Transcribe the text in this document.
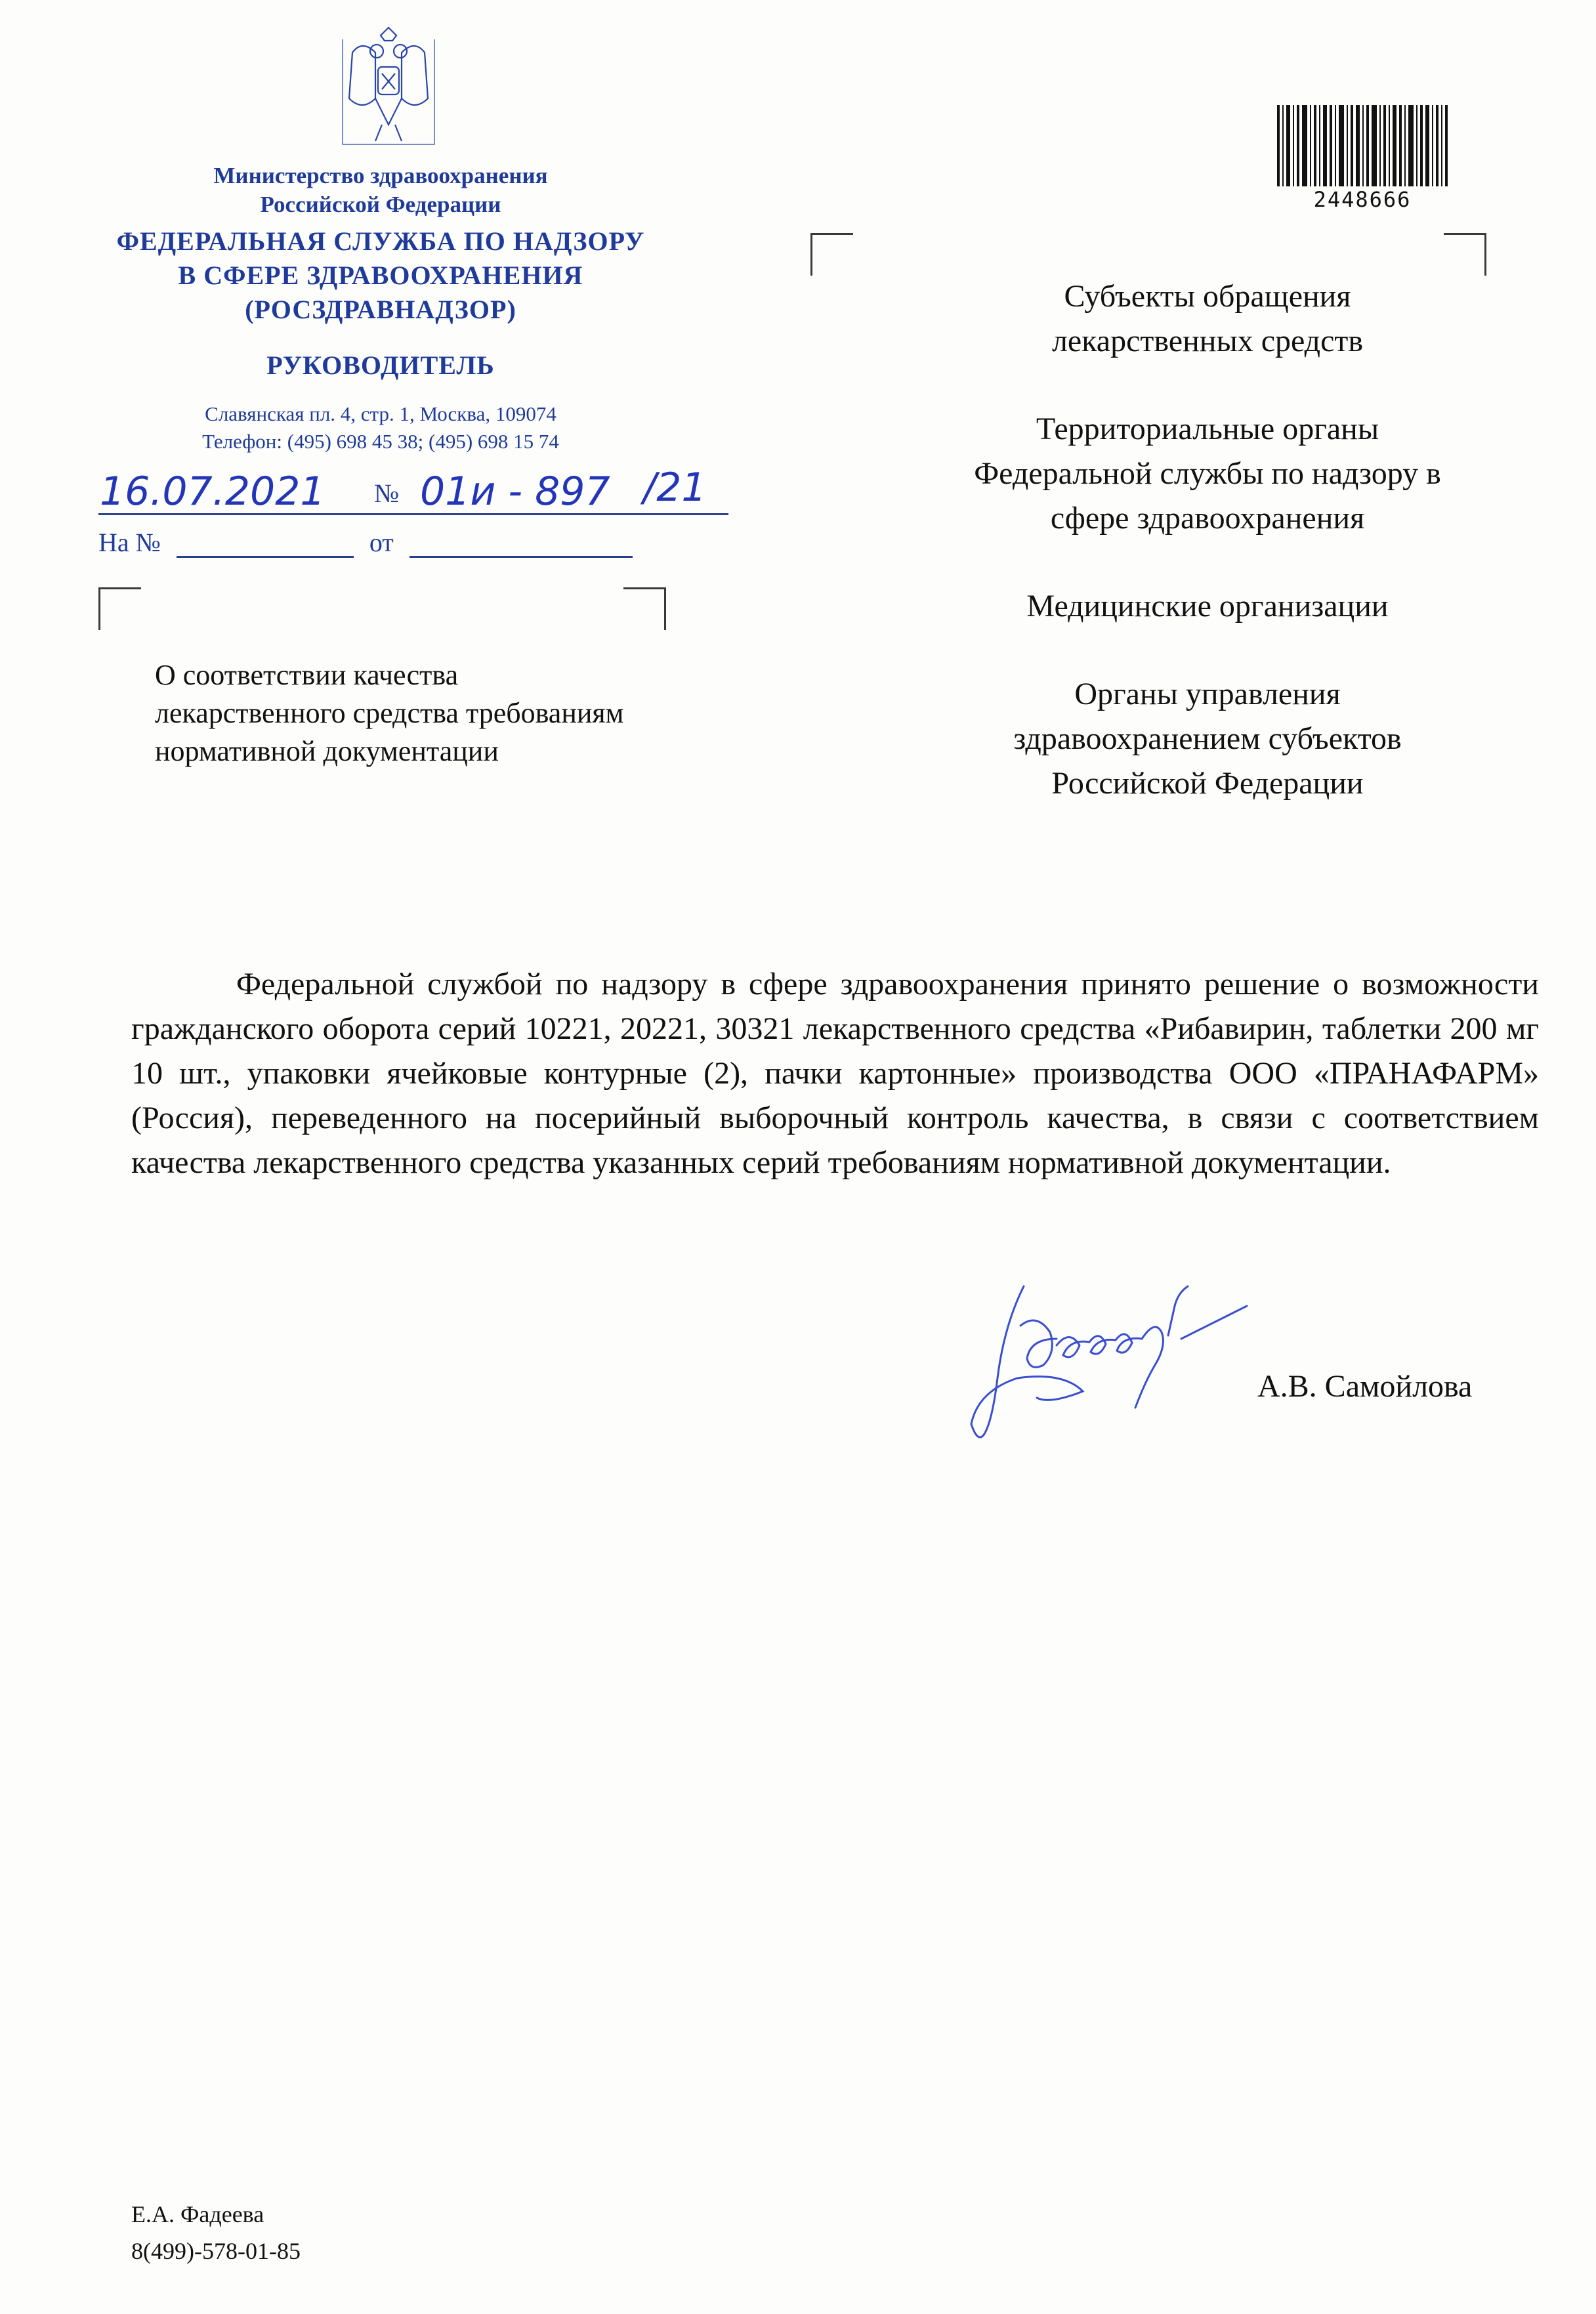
Министерство здравоохранения
Российской Федерации
ФЕДЕРАЛЬНАЯ СЛУЖБА ПО НАДЗОРУ
В СФЕРЕ ЗДРАВООХРАНЕНИЯ
(РОСЗДРАВНАДЗОР)
РУКОВОДИТЕЛЬ
Славянская пл. 4, стр. 1, Москва, 109074
Телефон: (495) 698 45 38; (495) 698 15 74
16.07.2021 № 01и - 897 /21
На №	от
О соответствии качества
лекарственного средства требованиям
нормативной документации
2448666
Субъекты обращения
лекарственных средств
Территориальные органы
Федеральной службы по надзору в
сфере здравоохранения
Медицинские организации
Органы управления
здравоохранением субъектов
Российской Федерации
Федеральной службой по надзору в сфере здравоохранения принято решение о возможности гражданского оборота серий 10221, 20221, 30321 лекарственного средства «Рибавирин, таблетки 200 мг 10 шт., упаковки ячейковые контурные (2), пачки картонные» производства ООО «ПРАНАФАРМ» (Россия), переведенного на посерийный выборочный контроль качества, в связи с соответствием качества лекарственного средства указанных серий требованиям нормативной документации.
А.В. Самойлова
Е.А. Фадеева
8(499)-578-01-85
